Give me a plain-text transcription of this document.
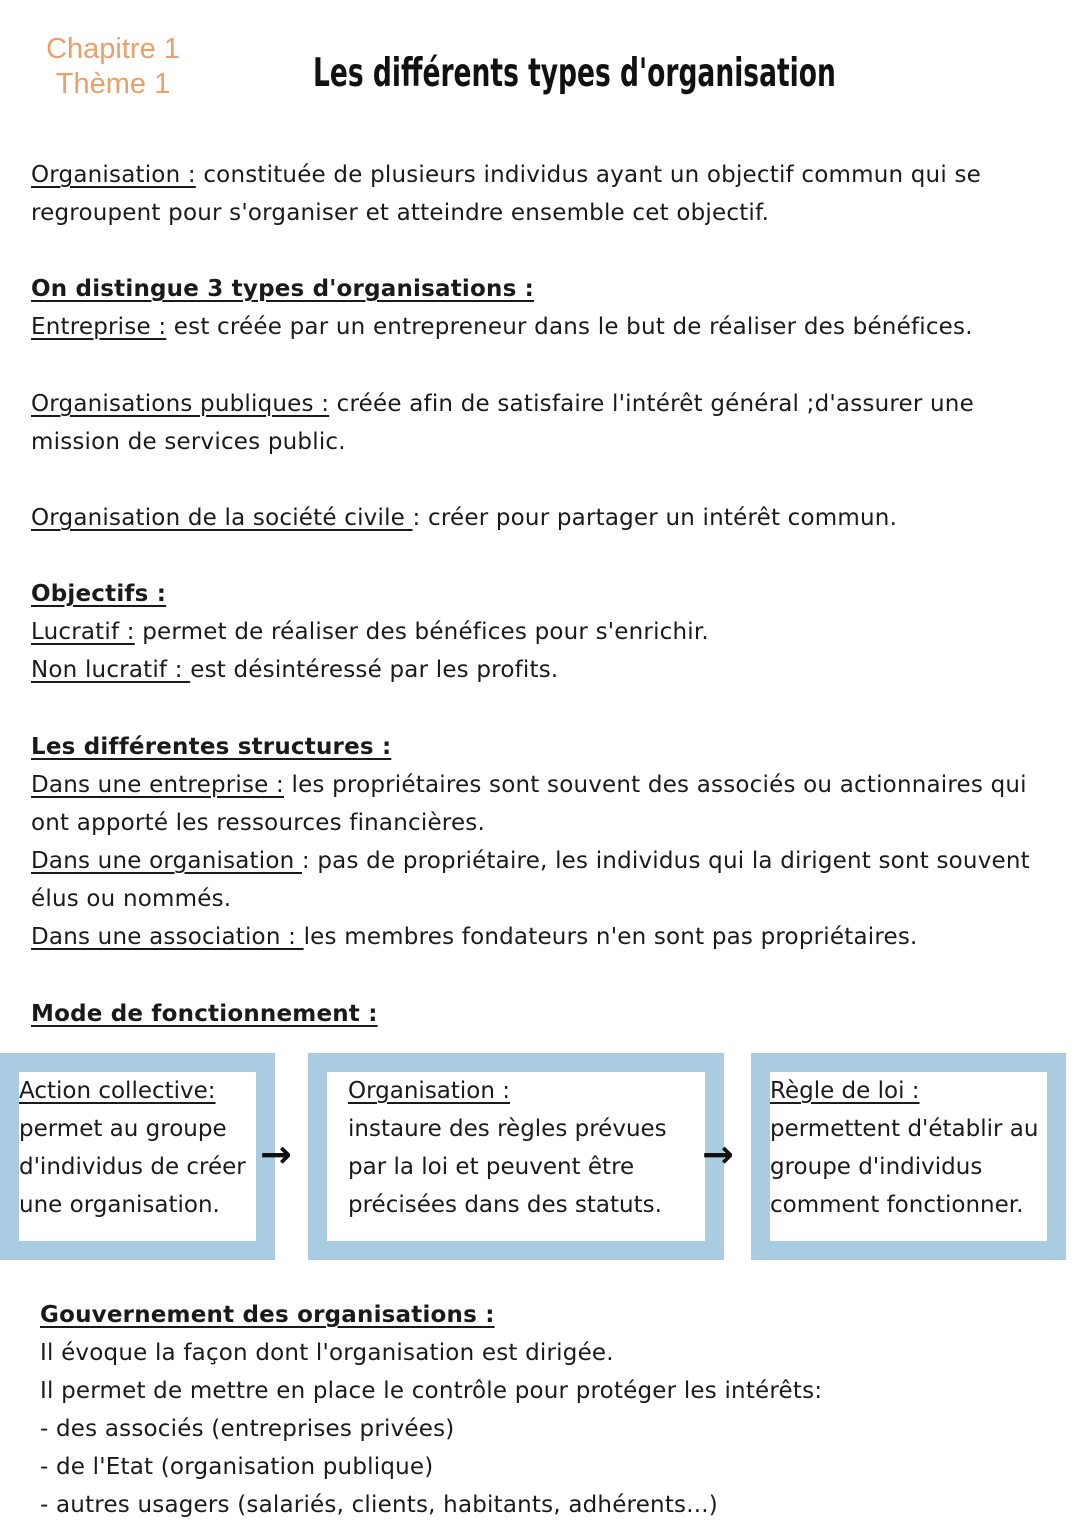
Chapitre 1
Thème 1	Les différents types d'organisation
Organisation : constituée de plusieurs individus ayant un objectif commun qui se
regroupent pour s'organiser et atteindre ensemble cet objectif.
On distingue 3 types d'organisations :
Entreprise : est créée par un entrepreneur dans le but de réaliser des bénéfices.
Organisations publiques : créée afin de satisfaire l'intérêt général ;d'assurer une
mission de services public.
Organisation de la société civile : créer pour partager un intérêt commun.
Objectifs :
Lucratif : permet de réaliser des bénéfices pour s'enrichir.
Non lucratif : est désintéressé par les profits.
Les différentes structures :
Dans une entreprise : les propriétaires sont souvent des associés ou actionnaires qui
ont apporté les ressources financières.
Dans une organisation : pas de propriétaire, les individus qui la dirigent sont souvent
élus ou nommés.
Dans une association : les membres fondateurs n'en sont pas propriétaires.
Mode de fonctionnement :
Action collective:
permet au groupe
d'individus de créer
une organisation.
→
Organisation :
instaure des règles prévues
par la loi et peuvent être
précisées dans des statuts.
→
Règle de loi :
permettent d'établir au
groupe d'individus
comment fonctionner.
Gouvernement des organisations :
Il évoque la façon dont l'organisation est dirigée.
Il permet de mettre en place le contrôle pour protéger les intérêts:
- des associés (entreprises privées)
- de l'Etat (organisation publique)
- autres usagers (salariés, clients, habitants, adhérents...)
